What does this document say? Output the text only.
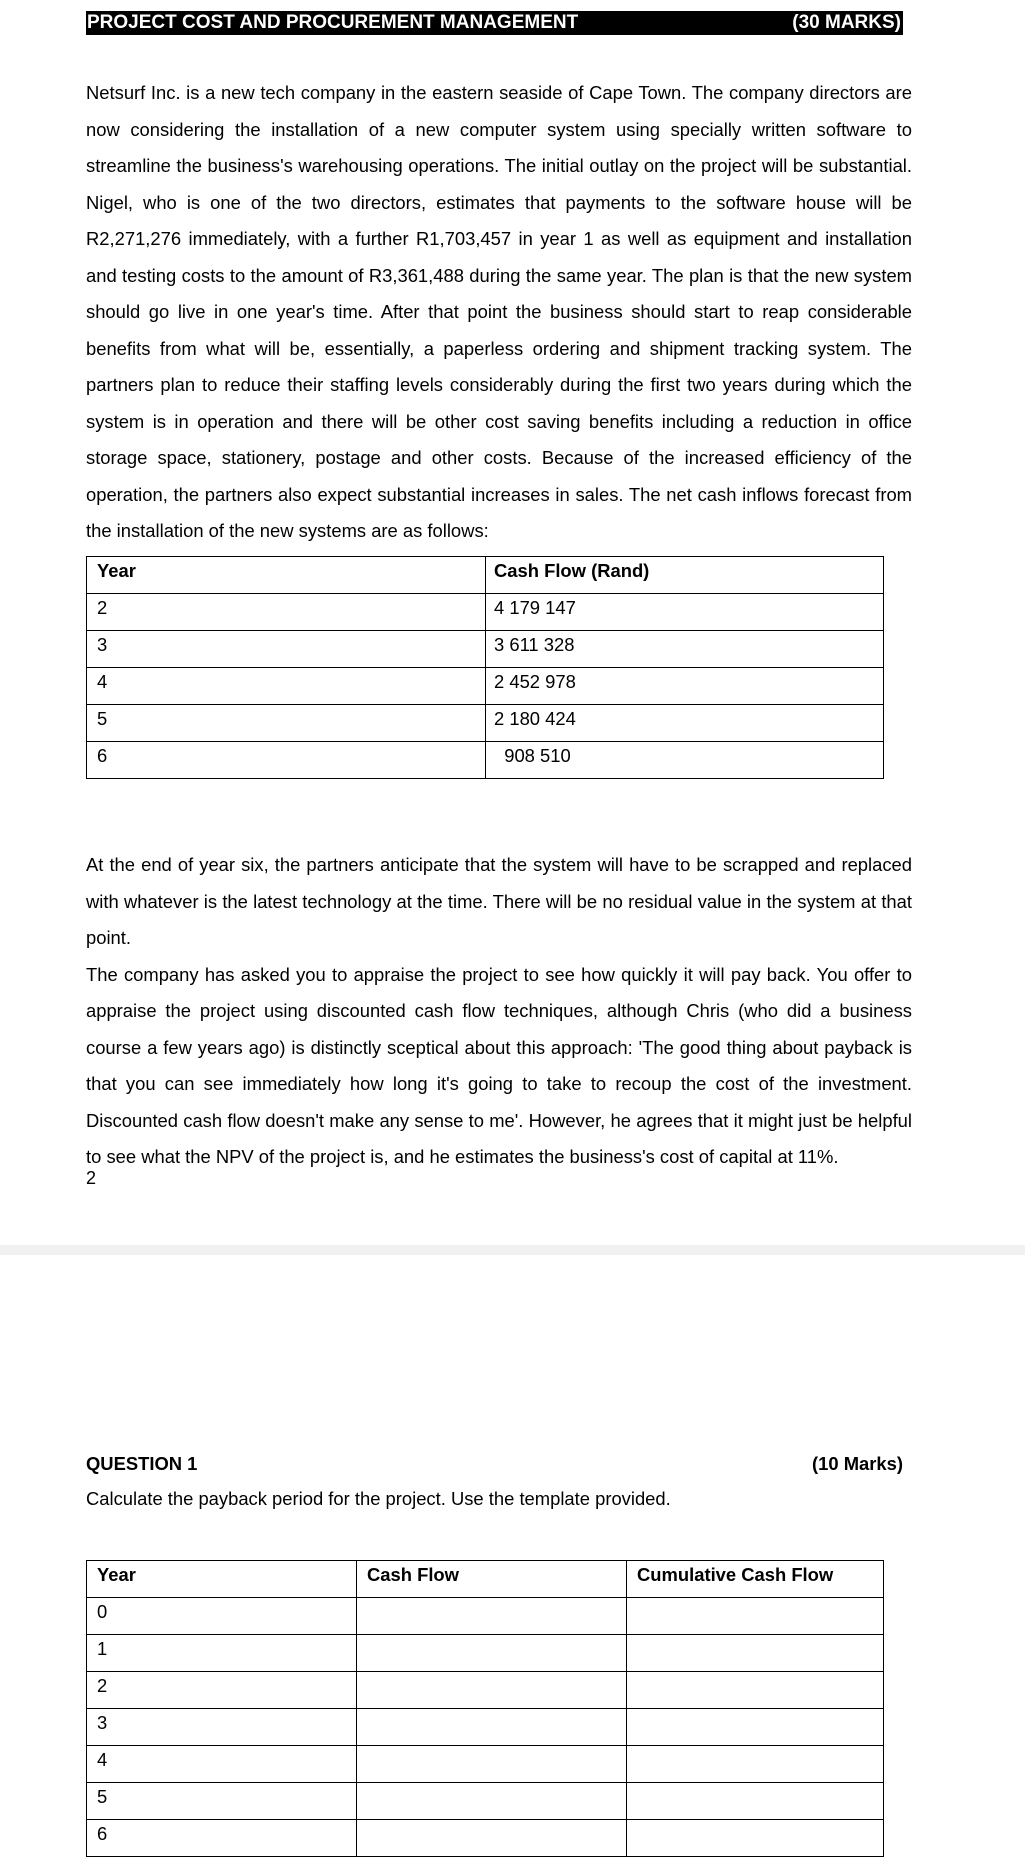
PROJECT COST AND PROCUREMENT MANAGEMENT	(30 MARKS)

Netsurf Inc. is a new tech company in the eastern seaside of Cape Town. The company directors are now considering the installation of a new computer system using specially written software to streamline the business's warehousing operations. The initial outlay on the project will be substantial. Nigel, who is one of the two directors, estimates that payments to the software house will be R2,271,276 immediately, with a further R1,703,457 in year 1 as well as equipment and installation and testing costs to the amount of R3,361,488 during the same year. The plan is that the new system should go live in one year's time. After that point the business should start to reap considerable benefits from what will be, essentially, a paperless ordering and shipment tracking system. The partners plan to reduce their staffing levels considerably during the first two years during which the system is in operation and there will be other cost saving benefits including a reduction in office storage space, stationery, postage and other costs. Because of the increased efficiency of the operation, the partners also expect substantial increases in sales. The net cash inflows forecast from the installation of the new systems are as follows:

Year	Cash Flow (Rand)
2	4 179 147
3	3 611 328
4	2 452 978
5	2 180 424
6	908 510

At the end of year six, the partners anticipate that the system will have to be scrapped and replaced with whatever is the latest technology at the time. There will be no residual value in the system at that point.

The company has asked you to appraise the project to see how quickly it will pay back. You offer to appraise the project using discounted cash flow techniques, although Chris (who did a business course a few years ago) is distinctly sceptical about this approach: 'The good thing about payback is that you can see immediately how long it's going to take to recoup the cost of the investment. Discounted cash flow doesn't make any sense to me'. However, he agrees that it might just be helpful to see what the NPV of the project is, and he estimates the business's cost of capital at 11%.

2
QUESTION 1	(10 Marks)
Calculate the payback period for the project. Use the template provided.
Year	Cash Flow	Cumulative Cash Flow
0		
1		
2		
3		
4		
5		
6		
